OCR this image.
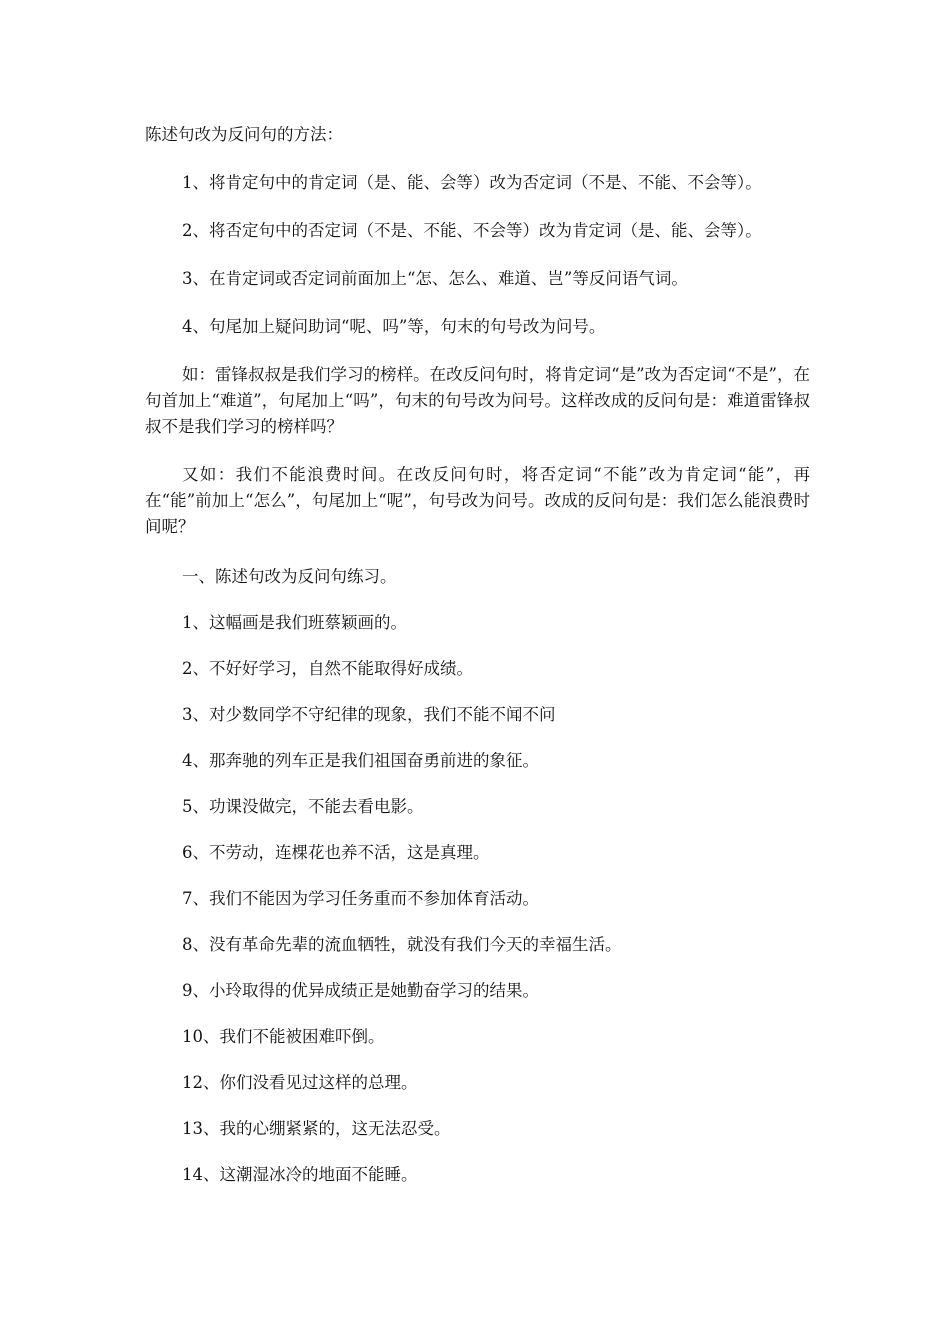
陈述句改为反问句的方法：

1、将肯定句中的肯定词（是、能、会等）改为否定词（不是、不能、不会等）。

2、将否定句中的否定词（不是、不能、不会等）改为肯定词（是、能、会等）。

3、在肯定词或否定词前面加上“怎、怎么、难道、岂”等反问语气词。

4、句尾加上疑问助词“呢、吗”等，句末的句号改为问号。

如：雷锋叔叔是我们学习的榜样。在改反问句时，将肯定词“是”改为否定词“不是”，在句首加上“难道”，句尾加上“吗”，句末的句号改为问号。这样改成的反问句是：难道雷锋叔叔不是我们学习的榜样吗？

又如：我们不能浪费时间。在改反问句时，将否定词“不能”改为肯定词“能”，再在“能”前加上“怎么”，句尾加上“呢”，句号改为问号。改成的反问句是：我们怎么能浪费时间呢？

一、陈述句改为反问句练习。

1、这幅画是我们班蔡颖画的。

2、不好好学习，自然不能取得好成绩。

3、对少数同学不守纪律的现象，我们不能不闻不问

4、那奔驰的列车正是我们祖国奋勇前进的象征。

5、功课没做完，不能去看电影。

6、不劳动，连棵花也养不活，这是真理。

7、我们不能因为学习任务重而不参加体育活动。

8、没有革命先辈的流血牺牲，就没有我们今天的幸福生活。

9、小玲取得的优异成绩正是她勤奋学习的结果。

10、我们不能被困难吓倒。

12、你们没看见过这样的总理。

13、我的心绷紧紧的，这无法忍受。

14、这潮湿冰冷的地面不能睡。
